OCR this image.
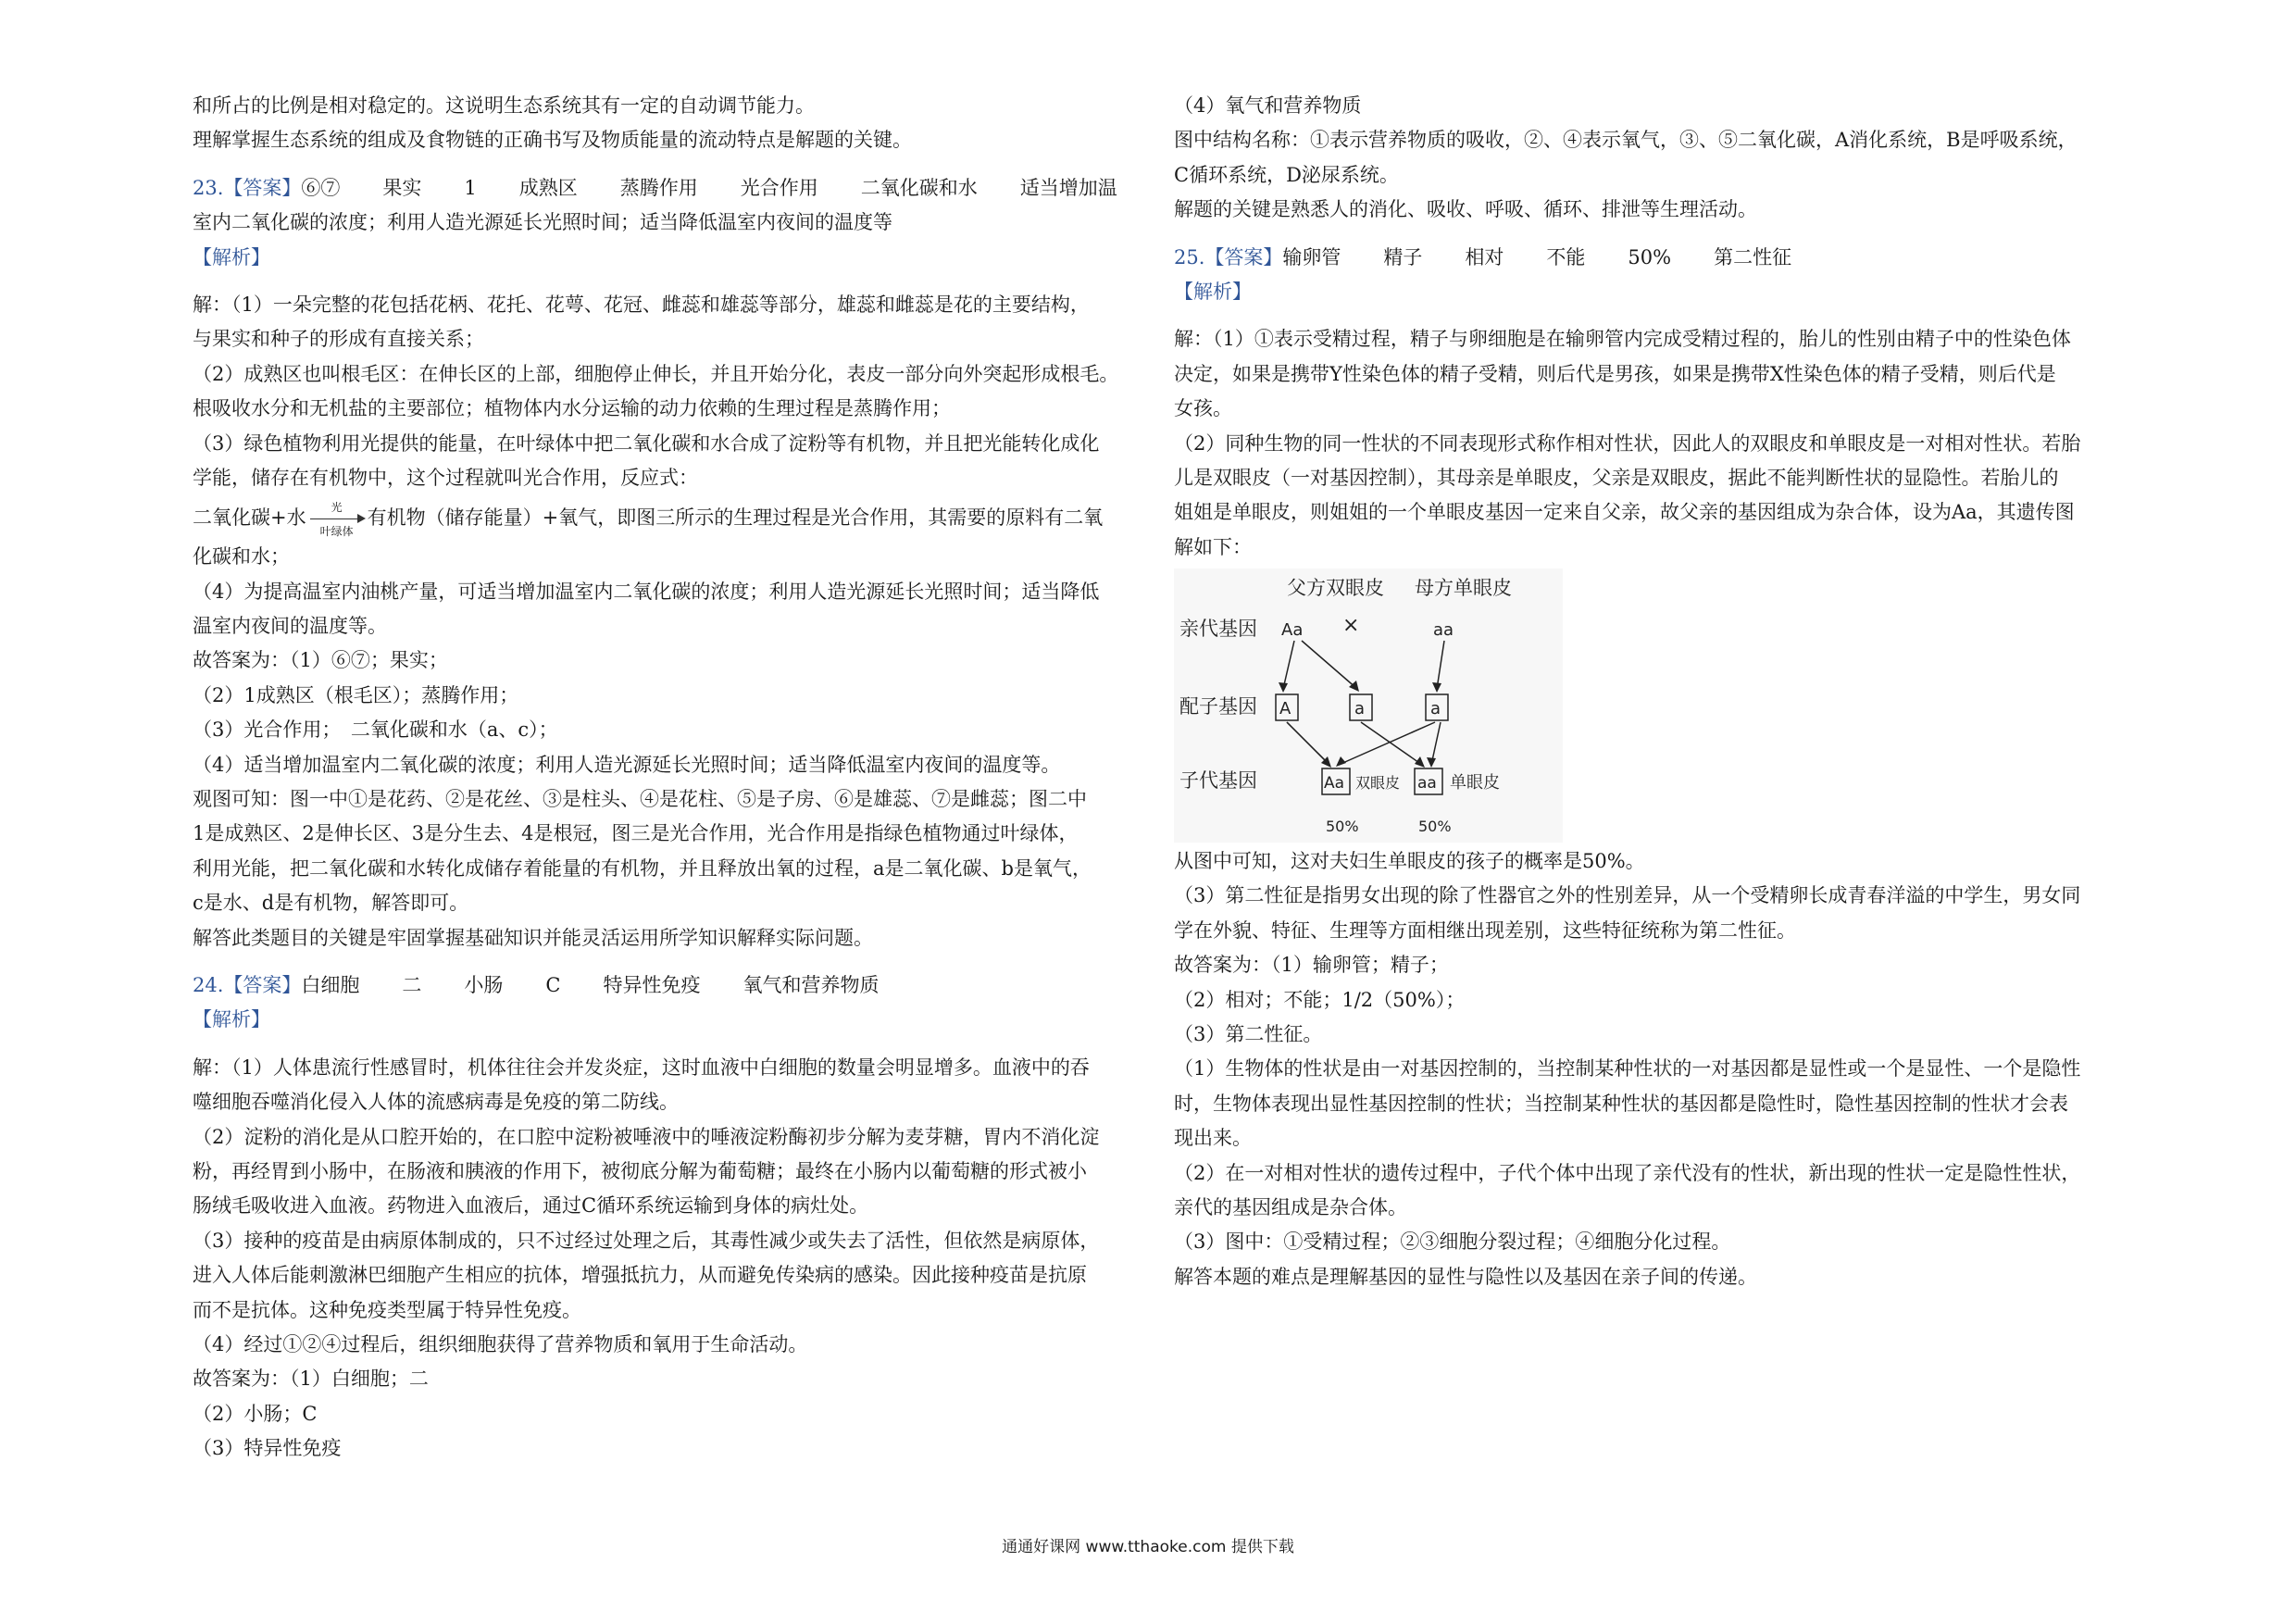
和所占的比例是相对稳定的。这说明生态系统其有一定的自动调节能力。
理解掌握生态系统的组成及食物链的正确书写及物质能量的流动特点是解题的关键。
23.【答案】⑥⑦ 果实 1 成熟区 蒸腾作用 光合作用 二氧化碳和水 适当增加温
室内二氧化碳的浓度；利用人造光源延长光照时间；适当降低温室内夜间的温度等
【解析】
解：（1）一朵完整的花包括花柄、花托、花萼、花冠、雌蕊和雄蕊等部分，雄蕊和雌蕊是花的主要结构，
与果实和种子的形成有直接关系；
（2）成熟区也叫根毛区：在伸长区的上部，细胞停止伸长，并且开始分化，表皮一部分向外突起形成根毛。
根吸收水分和无机盐的主要部位；植物体内水分运输的动力依赖的生理过程是蒸腾作用；
（3）绿色植物利用光提供的能量，在叶绿体中把二氧化碳和水合成了淀粉等有机物，并且把光能转化成化
学能，储存在有机物中，这个过程就叫光合作用，反应式：
二氧化碳+水	光
叶绿体
有机物（储存能量）+氧气，即图三所示的生理过程是光合作用，其需要的原料有二氧
化碳和水；
（4）为提高温室内油桃产量，可适当增加温室内二氧化碳的浓度；利用人造光源延长光照时间；适当降低
温室内夜间的温度等。
故答案为：（1）⑥⑦；果实；
（2）1成熟区（根毛区）；蒸腾作用；
（3）光合作用；　二氧化碳和水（a、c）；
（4）适当增加温室内二氧化碳的浓度；利用人造光源延长光照时间；适当降低温室内夜间的温度等。
观图可知：图一中①是花药、②是花丝、③是柱头、④是花柱、⑤是子房、⑥是雄蕊、⑦是雌蕊；图二中
1是成熟区、2是伸长区、3是分生去、4是根冠，图三是光合作用，光合作用是指绿色植物通过叶绿体，
利用光能，把二氧化碳和水转化成储存着能量的有机物，并且释放出氧的过程，a是二氧化碳、b是氧气，
c是水、d是有机物，解答即可。
解答此类题目的关键是牢固掌握基础知识并能灵活运用所学知识解释实际问题。
24.【答案】白细胞 二 小肠 C 特异性免疫 氧气和营养物质
【解析】
解：（1）人体患流行性感冒时，机体往往会并发炎症，这时血液中白细胞的数量会明显增多。血液中的吞
噬细胞吞噬消化侵入人体的流感病毒是免疫的第二防线。
（2）淀粉的消化是从口腔开始的，在口腔中淀粉被唾液中的唾液淀粉酶初步分解为麦芽糖，胃内不消化淀
粉，再经胃到小肠中，在肠液和胰液的作用下，被彻底分解为葡萄糖；最终在小肠内以葡萄糖的形式被小
肠绒毛吸收进入血液。药物进入血液后，通过C循环系统运输到身体的病灶处。
（3）接种的疫苗是由病原体制成的，只不过经过处理之后，其毒性减少或失去了活性，但依然是病原体，
进入人体后能刺激淋巴细胞产生相应的抗体，增强抵抗力，从而避免传染病的感染。因此接种疫苗是抗原
而不是抗体。这种免疫类型属于特异性免疫。
（4）经过①②④过程后，组织细胞获得了营养物质和氧用于生命活动。
故答案为：（1）白细胞；二
（2）小肠；C
（3）特异性免疫
（4）氧气和营养物质
图中结构名称：①表示营养物质的吸收，②、④表示氧气，③、⑤二氧化碳，A消化系统，B是呼吸系统，
C循环系统，D泌尿系统。
解题的关键是熟悉人的消化、吸收、呼吸、循环、排泄等生理活动。
25.【答案】输卵管 精子 相对 不能 50% 第二性征
【解析】
解：（1）①表示受精过程，精子与卵细胞是在输卵管内完成受精过程的，胎儿的性别由精子中的性染色体
决定，如果是携带Y性染色体的精子受精，则后代是男孩，如果是携带X性染色体的精子受精，则后代是
女孩。
（2）同种生物的同一性状的不同表现形式称作相对性状，因此人的双眼皮和单眼皮是一对相对性状。若胎
儿是双眼皮（一对基因控制），其母亲是单眼皮，父亲是双眼皮，据此不能判断性状的显隐性。若胎儿的
姐姐是单眼皮，则姐姐的一个单眼皮基因一定来自父亲，故父亲的基因组成为杂合体，设为Aa，其遗传图
解如下：
父方双眼皮 母方单眼皮
亲代基因 Aa ×	aa
配子基因 A	a	a
子代基因	Aa 双眼皮 aa 单眼皮
50%	50%
从图中可知，这对夫妇生单眼皮的孩子的概率是50%。
（3）第二性征是指男女出现的除了性器官之外的性别差异，从一个受精卵长成青春洋溢的中学生，男女同
学在外貌、特征、生理等方面相继出现差别，这些特征统称为第二性征。
故答案为：（1）输卵管；精子；
（2）相对；不能；1/2（50%）；
（3）第二性征。
（1）生物体的性状是由一对基因控制的，当控制某种性状的一对基因都是显性或一个是显性、一个是隐性
时，生物体表现出显性基因控制的性状；当控制某种性状的基因都是隐性时，隐性基因控制的性状才会表
现出来。
（2）在一对相对性状的遗传过程中，子代个体中出现了亲代没有的性状，新出现的性状一定是隐性性状，
亲代的基因组成是杂合体。
（3）图中：①受精过程；②③细胞分裂过程；④细胞分化过程。
解答本题的难点是理解基因的显性与隐性以及基因在亲子间的传递。
通通好课网 www.tthaoke.com 提供下载
